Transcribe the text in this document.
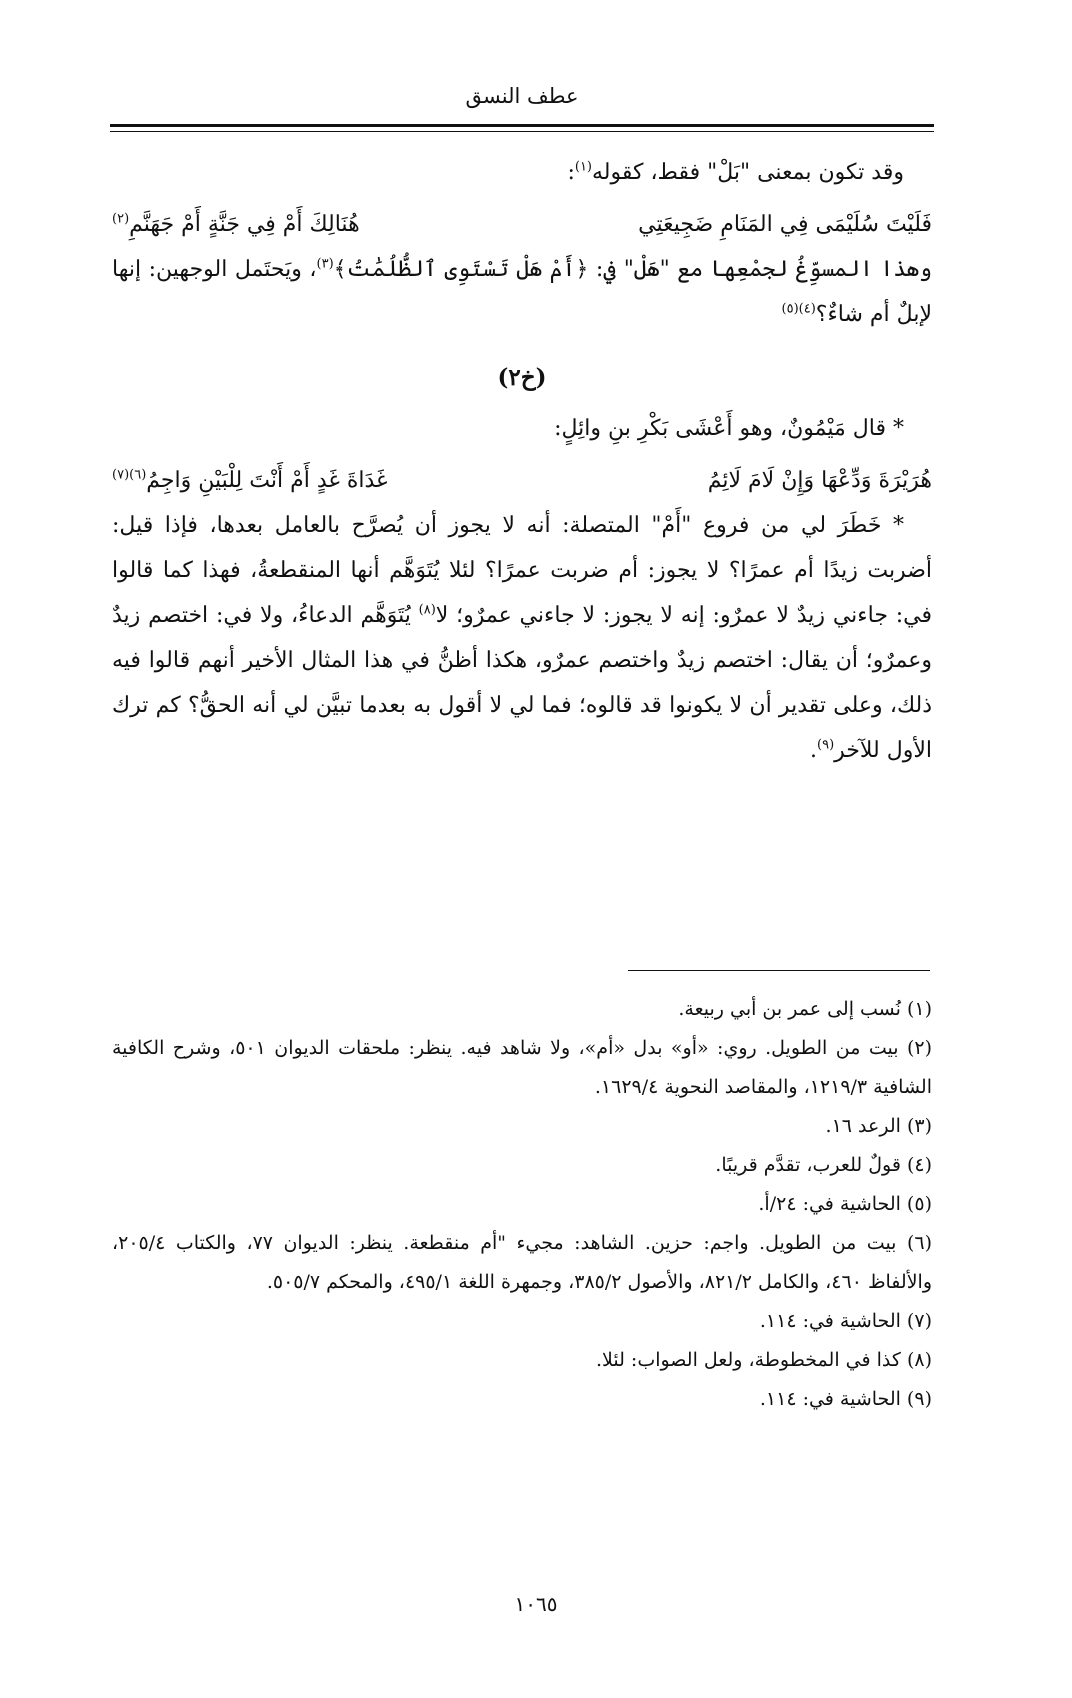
عطف النسق

وقد تكون بمعنى "بَلْ" فقط، كقوله$^{(١)}$:

فَلَيْتَ سُلَيْمَى فِي المَنَامِ ضَجِيعَتِي
هُنَالِكَ أَمْ فِي جَنَّةٍ أَمْ جَهَنَّمِ$^{(٢)}$

وهذا المسوِّغُ لجمْعِها مع "هَلْ" في: ﴿أَمْ هَلْ تَسْتَوِى ٱلظُّلُمَٰتُ﴾$^{(٣)}$، ويَحتَمل الوجهين: إنها لإبلٌ أم شاءٌ؟$^{(٤)(٥)}$

(خ٢)

* قال مَيْمُونٌ، وهو أَعْشَى بَكْرِ بنِ وائِلٍ:

هُرَيْرَةَ وَدِّعْهَا وَإِنْ لَامَ لَائِمُ
غَدَاةَ غَدٍ أَمْ أَنْتَ لِلْبَيْنِ وَاجِمُ$^{(٦)(٧)}$

* خَطَرَ لي من فروع "أَمْ" المتصلة: أنه لا يجوز أن يُصرَّح بالعامل بعدها، فإذا قيل: أضربت زيدًا أم عمرًا؟ لا يجوز: أم ضربت عمرًا؟ لئلا يُتَوَهَّم أنها المنقطعةُ، فهذا كما قالوا في: جاءني زيدٌ لا عمرٌو: إنه لا يجوز: لا جاءني عمرٌو؛ لا$^{(٨)}$ يُتَوَهَّم الدعاءُ، ولا في: اختصم زيدٌ وعمرٌو؛ أن يقال: اختصم زيدٌ واختصم عمرٌو، هكذا أظنُّ في هذا المثال الأخير أنهم قالوا فيه ذلك، وعلى تقدير أن لا يكونوا قد قالوه؛ فما لي لا أقول به بعدما تبيَّن لي أنه الحقُّ؟ كم ترك الأول للآخر$^{(٩)}$.

(١) نُسب إلى عمر بن أبي ربيعة.

(٢) بيت من الطويل. روي: «أو» بدل «أم»، ولا شاهد فيه. ينظر: ملحقات الديوان ٥٠١، وشرح الكافية الشافية ١٢١٩/٣، والمقاصد النحوية ١٦٢٩/٤.

(٣) الرعد ١٦.

(٤) قولٌ للعرب، تقدَّم قريبًا.

(٥) الحاشية في: ٢٤/أ.

(٦) بيت من الطويل. واجم: حزين. الشاهد: مجيء "أم منقطعة. ينظر: الديوان ٧٧، والكتاب ٢٠٥/٤، والألفاظ ٤٦٠، والكامل ٨٢١/٢، والأصول ٣٨٥/٢، وجمهرة اللغة ٤٩٥/١، والمحكم ٥٠٥/٧.

(٧) الحاشية في: ١١٤.

(٨) كذا في المخطوطة، ولعل الصواب: لئلا.

(٩) الحاشية في: ١١٤.

١٠٦٥
